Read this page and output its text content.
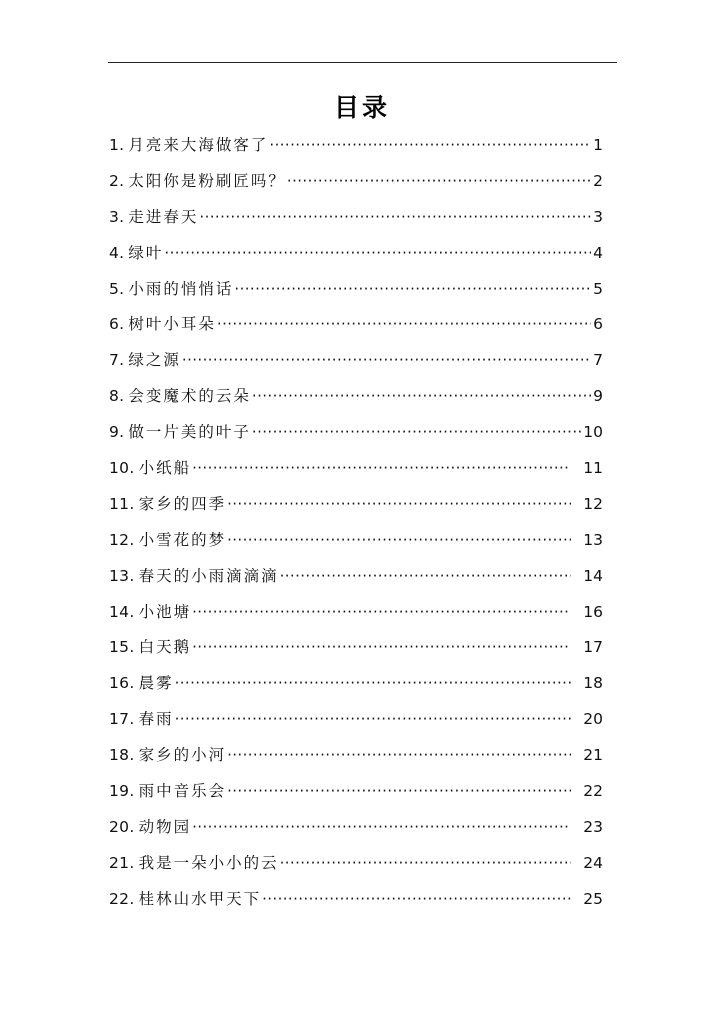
目录
1. 月亮来大海做客了 ·····	1
2. 太阳你是粉刷匠吗？ ·····	2
3. 走进春天 ·····	3
4. 绿叶 ·····	4
5. 小雨的悄悄话 ·····	5
6. 树叶小耳朵 ·····	6
7. 绿之源 ·····	7
8. 会变魔术的云朵 ·····	9
9. 做一片美的叶子 ·····	10
10. 小纸船 ·····	11
11. 家乡的四季 ·····	12
12. 小雪花的梦 ·····	13
13. 春天的小雨滴滴滴 ·····	14
14. 小池塘 ·····	16
15. 白天鹅 ·····	17
16. 晨雾 ·····	18
17. 春雨 ·····	20
18. 家乡的小河 ·····	21
19. 雨中音乐会 ·····	22
20. 动物园 ·····	23
21. 我是一朵小小的云 ·····	24
22. 桂林山水甲天下 ·····	25
